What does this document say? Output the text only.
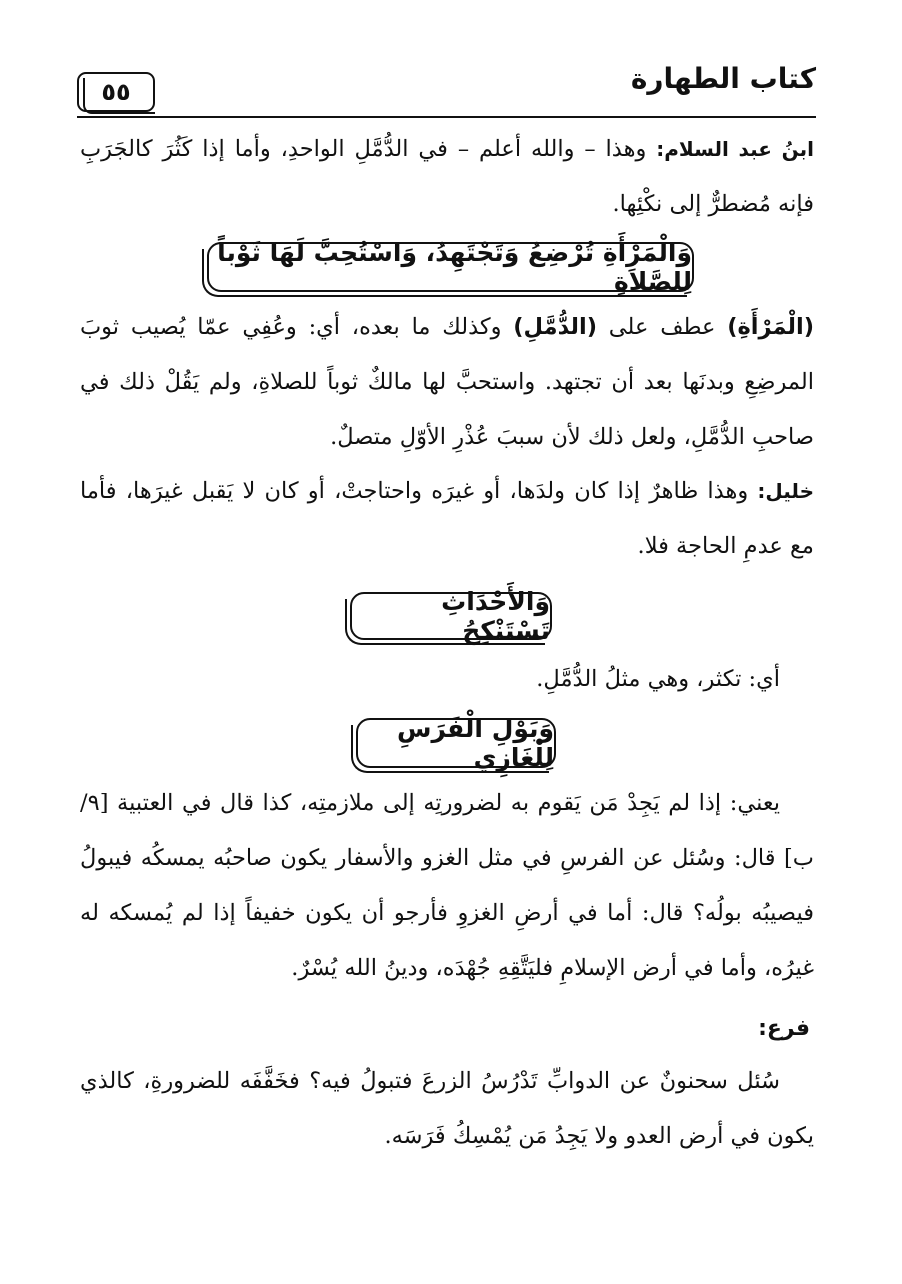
٥٥	كتاب الطهارة
ابنُ عبد السلام: وهذا – والله أعلم – في الدُّمَّلِ الواحدِ، وأما إذا كَثُرَ كالجَرَبِ فإنه مُضطرٌّ إلى نكْئِها.
وَالْمَرْأَةِ تُرْضِعُ وَتَجْتَهِدُ، وَاسْتُحِبَّ لَهَا ثَوْباً لِلصَّلاَةِ
(الْمَرْأَةِ) عطف على (الدُّمَّلِ) وكذلك ما بعده، أي: وعُفِي عمّا يُصيب ثوبَ المرضِعِ وبدنَها بعد أن تجتهد. واستحبَّ لها مالكٌ ثوباً للصلاةِ، ولم يَقُلْ ذلك في صاحبِ الدُّمَّلِ، ولعل ذلك لأن سببَ عُذْرِ الأوّلِ متصلٌ.
خليل: وهذا ظاهرٌ إذا كان ولدَها، أو غيرَه واحتاجتْ، أو كان لا يَقبل غيرَها، فأما مع عدمِ الحاجة فلا.
وَالأَحْدَاثِ تَسْتَنْكِحُ
أي: تكثر، وهي مثلُ الدُّمَّلِ.
وَبَوْلِ الْفَرَسِ لِلْغَازِي
يعني: إذا لم يَجِدْ مَن يَقوم به لضرورتِه إلى ملازمتِه، كذا قال في العتبية [٩/ ب] قال: وسُئل عن الفرسِ في مثل الغزو والأسفار يكون صاحبُه يمسكُه فيبولُ فيصيبُه بولُه؟ قال: أما في أرضِ الغزوِ فأرجو أن يكون خفيفاً إذا لم يُمسكه له غيرُه، وأما في أرض الإسلامِ فليَتَّقِهِ جُهْدَه، ودينُ الله يُسْرٌ.
فرع:
سُئل سحنونٌ عن الدوابِّ تَدْرُسُ الزرعَ فتبولُ فيه؟ فخَفَّفَه للضرورةِ، كالذي يكون في أرض العدو ولا يَجِدُ مَن يُمْسِكُ فَرَسَه.
